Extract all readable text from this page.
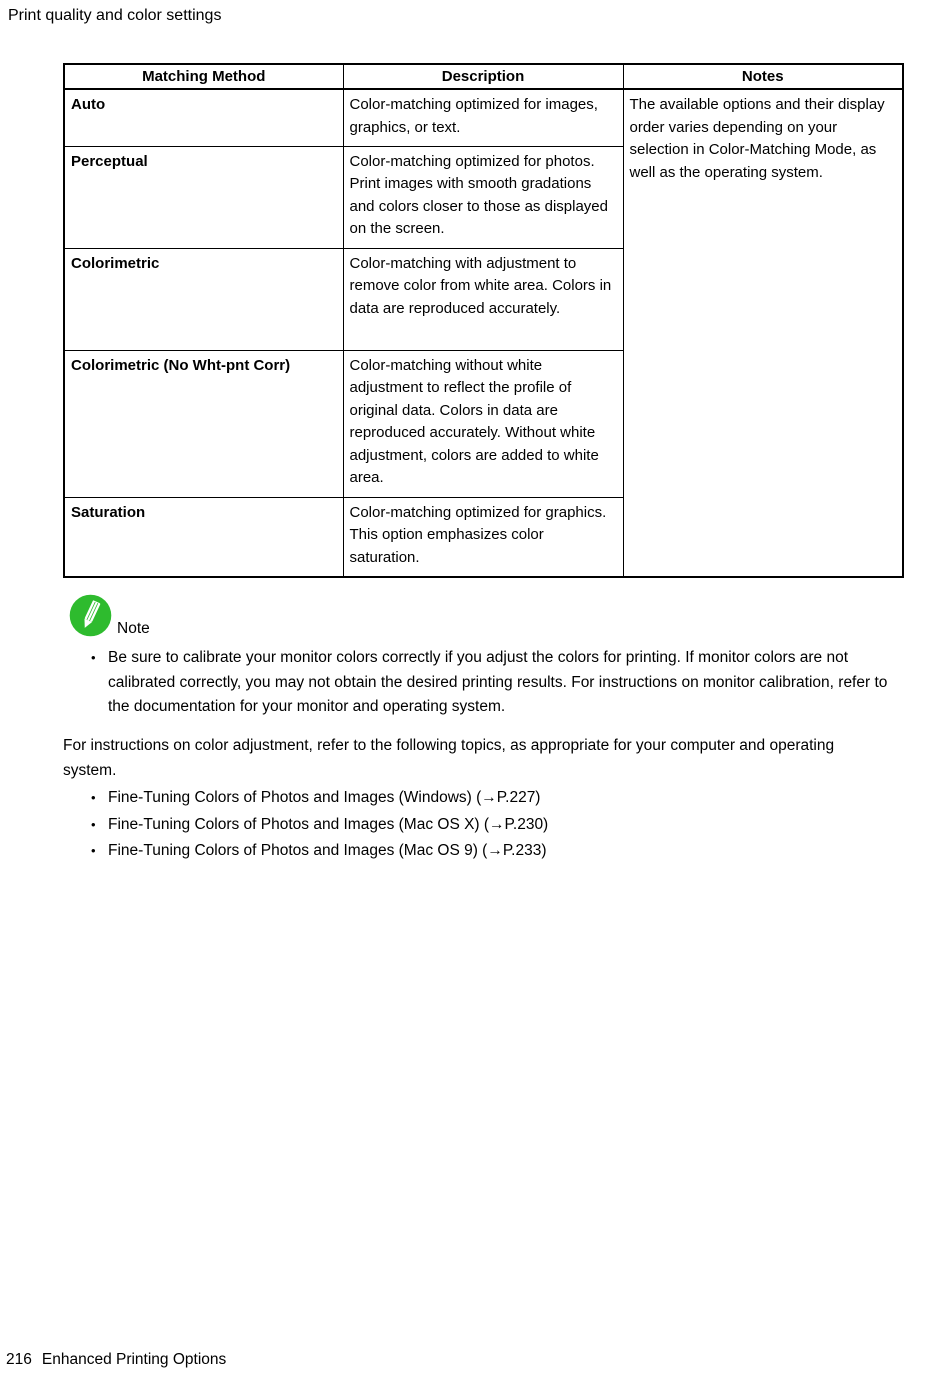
Print quality and color settings
Matching Method	Description	Notes
Auto	Color-matching optimized for images, graphics, or text.	The available options and their display order varies depending on your selection in Color-Matching Mode, as well as the operating system.
Perceptual	Color-matching optimized for photos. Print images with smooth gradations and colors closer to those as displayed on the screen.	
Colorimetric	Color-matching with adjustment to remove color from white area. Colors in data are reproduced accurately.	
Colorimetric (No Wht-pnt Corr)	Color-matching without white adjustment to reflect the profile of original data. Colors in data are reproduced accurately. Without white adjustment, colors are added to white area.	
Saturation	Color-matching optimized for graphics. This option emphasizes color saturation.	
Note
• Be sure to calibrate your monitor colors correctly if you adjust the colors for printing. If monitor colors are not calibrated correctly, you may not obtain the desired printing results. For instructions on monitor calibration, refer to the documentation for your monitor and operating system.
For instructions on color adjustment, refer to the following topics, as appropriate for your computer and operating system.
• Fine-Tuning Colors of Photos and Images (Windows) (→P.227)
• Fine-Tuning Colors of Photos and Images (Mac OS X) (→P.230)
• Fine-Tuning Colors of Photos and Images (Mac OS 9) (→P.233)
216 Enhanced Printing Options
